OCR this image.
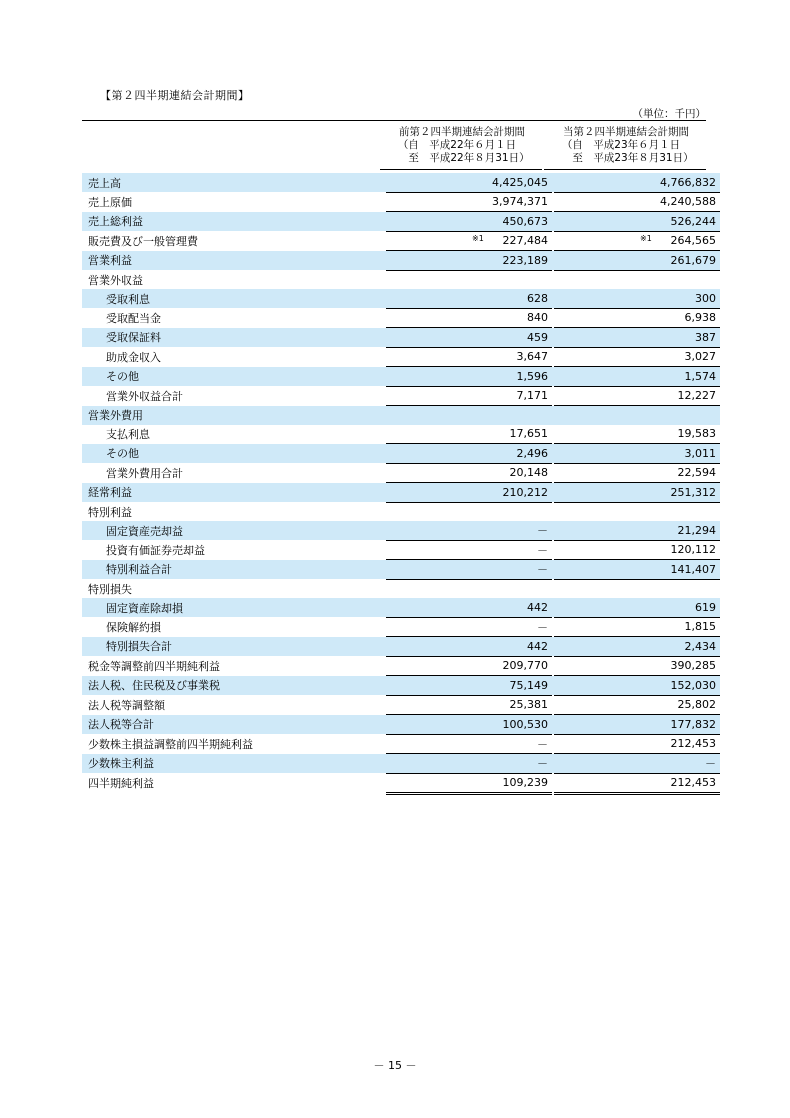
【第２四半期連結会計期間】
（単位：千円）
前第２四半期連結会計期間
（自　平成22年６月１日
至　平成22年８月31日）
当第２四半期連結会計期間
（自　平成23年６月１日
至　平成23年８月31日）
売上高	4,425,045		4,766,832
売上原価	3,974,371		4,240,588
売上総利益	450,673		526,244
販売費及び一般管理費	※1 227,484		※1 264,565
営業利益	223,189		261,679
営業外収益			
受取利息	628		300
受取配当金	840		6,938
受取保証料	459		387
助成金収入	3,647		3,027
その他	1,596		1,574
営業外収益合計	7,171		12,227
営業外費用			
支払利息	17,651		19,583
その他	2,496		3,011
営業外費用合計	20,148		22,594
経常利益	210,212		251,312
特別利益			
固定資産売却益	－		21,294
投資有価証券売却益	－		120,112
特別利益合計	－		141,407
特別損失			
固定資産除却損	442		619
保険解約損	－		1,815
特別損失合計	442		2,434
税金等調整前四半期純利益	209,770		390,285
法人税、住民税及び事業税	75,149		152,030
法人税等調整額	25,381		25,802
法人税等合計	100,530		177,832
少数株主損益調整前四半期純利益	－		212,453
少数株主利益	－		－
四半期純利益	109,239		212,453
－ 15 －
